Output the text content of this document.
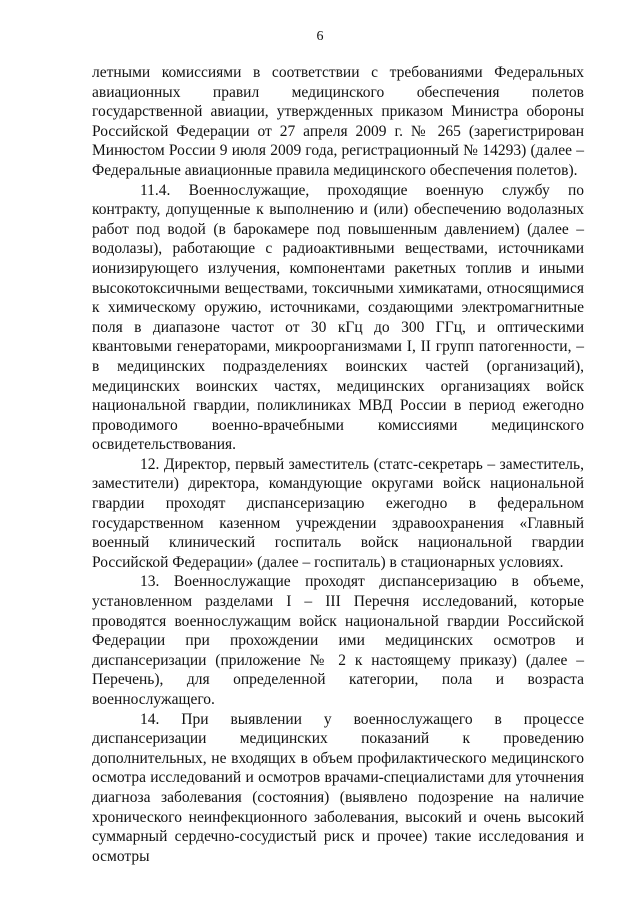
6

летными комиссиями в соответствии с требованиями Федеральных авиационных правил медицинского обеспечения полетов государственной авиации, утвержденных приказом Министра обороны Российской Федерации от 27 апреля 2009 г. № 265 (зарегистрирован Минюстом России 9 июля 2009 года, регистрационный № 14293) (далее – Федеральные авиационные правила медицинского обеспечения полетов).

11.4. Военнослужащие, проходящие военную службу по контракту, допущенные к выполнению и (или) обеспечению водолазных работ под водой (в барокамере под повышенным давлением) (далее – водолазы), работающие с радиоактивными веществами, источниками ионизирующего излучения, компонентами ракетных топлив и иными высокотоксичными веществами, токсичными химикатами, относящимися к химическому оружию, источниками, создающими электромагнитные поля в диапазоне частот от 30 кГц до 300 ГГц, и оптическими квантовыми генераторами, микроорганизмами I, II групп патогенности, – в медицинских подразделениях воинских частей (организаций), медицинских воинских частях, медицинских организациях войск национальной гвардии, поликлиниках МВД России в период ежегодно проводимого военно-врачебными комиссиями медицинского освидетельствования.

12. Директор, первый заместитель (статс-секретарь – заместитель, заместители) директора, командующие округами войск национальной гвардии проходят диспансеризацию ежегодно в федеральном государственном казенном учреждении здравоохранения «Главный военный клинический госпиталь войск национальной гвардии Российской Федерации» (далее – госпиталь) в стационарных условиях.

13. Военнослужащие проходят диспансеризацию в объеме, установленном разделами I – III Перечня исследований, которые проводятся военнослужащим войск национальной гвардии Российской Федерации при прохождении ими медицинских осмотров и диспансеризации (приложение № 2 к настоящему приказу) (далее – Перечень), для определенной категории, пола и возраста военнослужащего.

14. При выявлении у военнослужащего в процессе диспансеризации медицинских показаний к проведению дополнительных, не входящих в объем профилактического медицинского осмотра исследований и осмотров врачами-специалистами для уточнения диагноза заболевания (состояния) (выявлено подозрение на наличие хронического неинфекционного заболевания, высокий и очень высокий суммарный сердечно-сосудистый риск и прочее) такие исследования и осмотры
